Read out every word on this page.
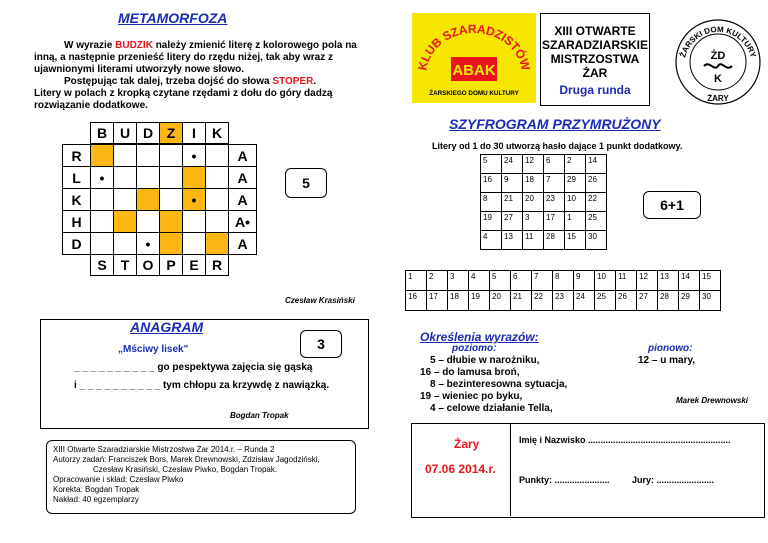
METAMORFOZA
W wyrazie BUDZIK należy zmienić literę z kolorowego pola na inną, a następnie przenieść litery do rzędu niżej, tak aby wraz z ujawnionymi literami utworzyły nowe słowo.
Postępując tak dalej, trzeba dojść do słowa STOPER.
Litery w polach z kropką czytane rzędami z dołu do góry dadzą rozwiązanie dodatkowe.
B	U	D	Z	I	K
R					•		A
L	•						A
K					•		A
H							A•
D			•				A
S	T	O	P	E	R
5
Czesław Krasiński
KLUB SZARADZISTÓW
ABAK
ŻARSKIEGO DOMU KULTURY
XIII OTWARTE
SZARADZIARSKIE
MISTRZOSTWA
ŻAR
Druga runda
ŻARSKI DOM KULTURY
ŻD
K
ŻARY
SZYFROGRAM PRZYMRUŻONY
Litery od 1 do 30 utworzą hasło dające 1 punkt dodatkowy.
5	24	12	6	2	14
16	9	18	7	29	26
8	21	20	23	10	22
19	27	3	17	1	25
4	13	11	28	15	30
6+1
1	2	3	4	5	6	7	8	9	10	11	12	13	14	15
16	17	18	19	20	21	22	23	24	25	26	27	28	29	30
ANAGRAM
„Mściwy lisek"	3
_ _ _ _ _ _ _ _ _ _ go pespektywa zajęcia się gąską
i _ _ _ _ _ _ _ _ _ _ tym chłopu za krzywdę z nawiązką.
Bogdan Tropak
XIII Otwarte Szaradziarskie Mistrzostwa Żar 2014.r. – Runda 2
Autorzy zadań: Franciszek Bors, Marek Drewnowski, Zdzisław Jagodziński,
Czesław Krasiński, Czesław Piwko, Bogdan Tropak.
Opracowanie i skład: Czesław Piwko
Korekta: Bogdan Tropak
Nakład: 40 egzemplarzy
Określenia wyrazów:
poziomo:	pionowo:
5 – dłubie w narożniku,
16 – do lamusa broń,
8 – bezinteresowna sytuacja,
19 – wieniec po byku,
4 – celowe działanie Tella,
12 – u mary,
Marek Drewnowski
Żary
07.06 2014.r.
Imię i Nazwisko .........................................................
Punkty: ...................... Jury: .......................
